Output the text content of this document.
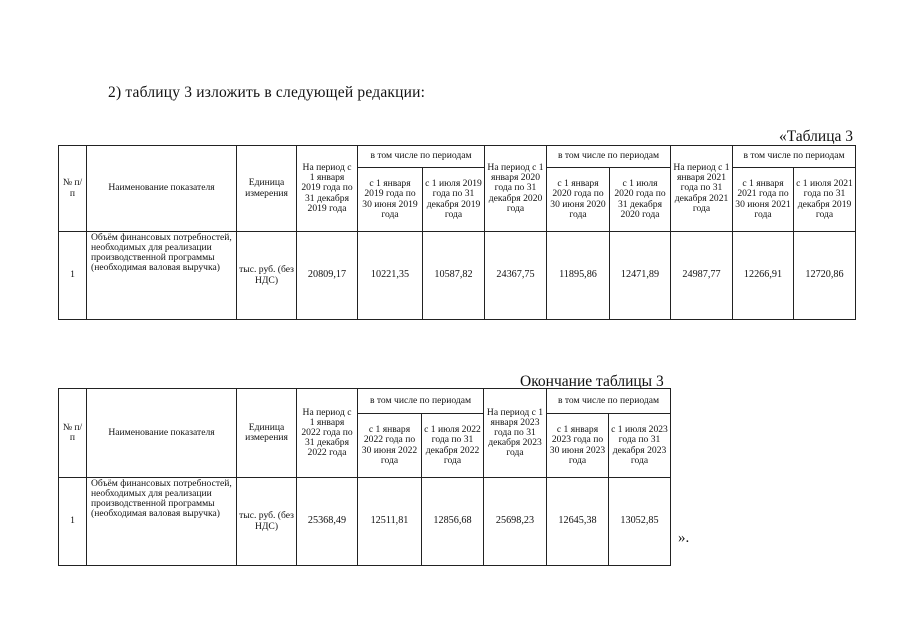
2) таблицу 3 изложить в следующей редакции:
«Таблица 3
№ п/п	Наименование показателя	Единица измерения	На период с 1 января 2019 года по 31 декабря 2019 года	в том числе по периодам		На период с 1 января 2020 года по 31 декабря 2020 года	в том числе по периодам		На период с 1 января 2021 года по 31 декабря 2021 года	в том числе по периодам	
				с 1 января 2019 года по 30 июня 2019 года	с 1 июля 2019 года по 31 декабря 2019 года		с 1 января 2020 года по 30 июня 2020 года	с 1 июля 2020 года по 31 декабря 2020 года		с 1 января 2021 года по 30 июня 2021 года	с 1 июля 2021 года по 31 декабря 2019 года
1	Объём финансовых потребностей, необходимых для реализации производственной программы (необходимая валовая выручка)	тыс. руб. (без НДС)	20809,17	10221,35	10587,82	24367,75	11895,86	12471,89	24987,77	12266,91	12720,86
Окончание таблицы 3
№ п/п	Наименование показателя	Единица измерения	На период с 1 января 2022 года по 31 декабря 2022 года	в том числе по периодам		На период с 1 января 2023 года по 31 декабря 2023 года	в том числе по периодам	
				с 1 января 2022 года по 30 июня 2022 года	с 1 июля 2022 года по 31 декабря 2022 года		с 1 января 2023 года по 30 июня 2023 года	с 1 июля 2023 года по 31 декабря 2023 года
1	Объём финансовых потребностей, необходимых для реализации производственной программы (необходимая валовая выручка)	тыс. руб. (без НДС)	25368,49	12511,81	12856,68	25698,23	12645,38	13052,85
».
